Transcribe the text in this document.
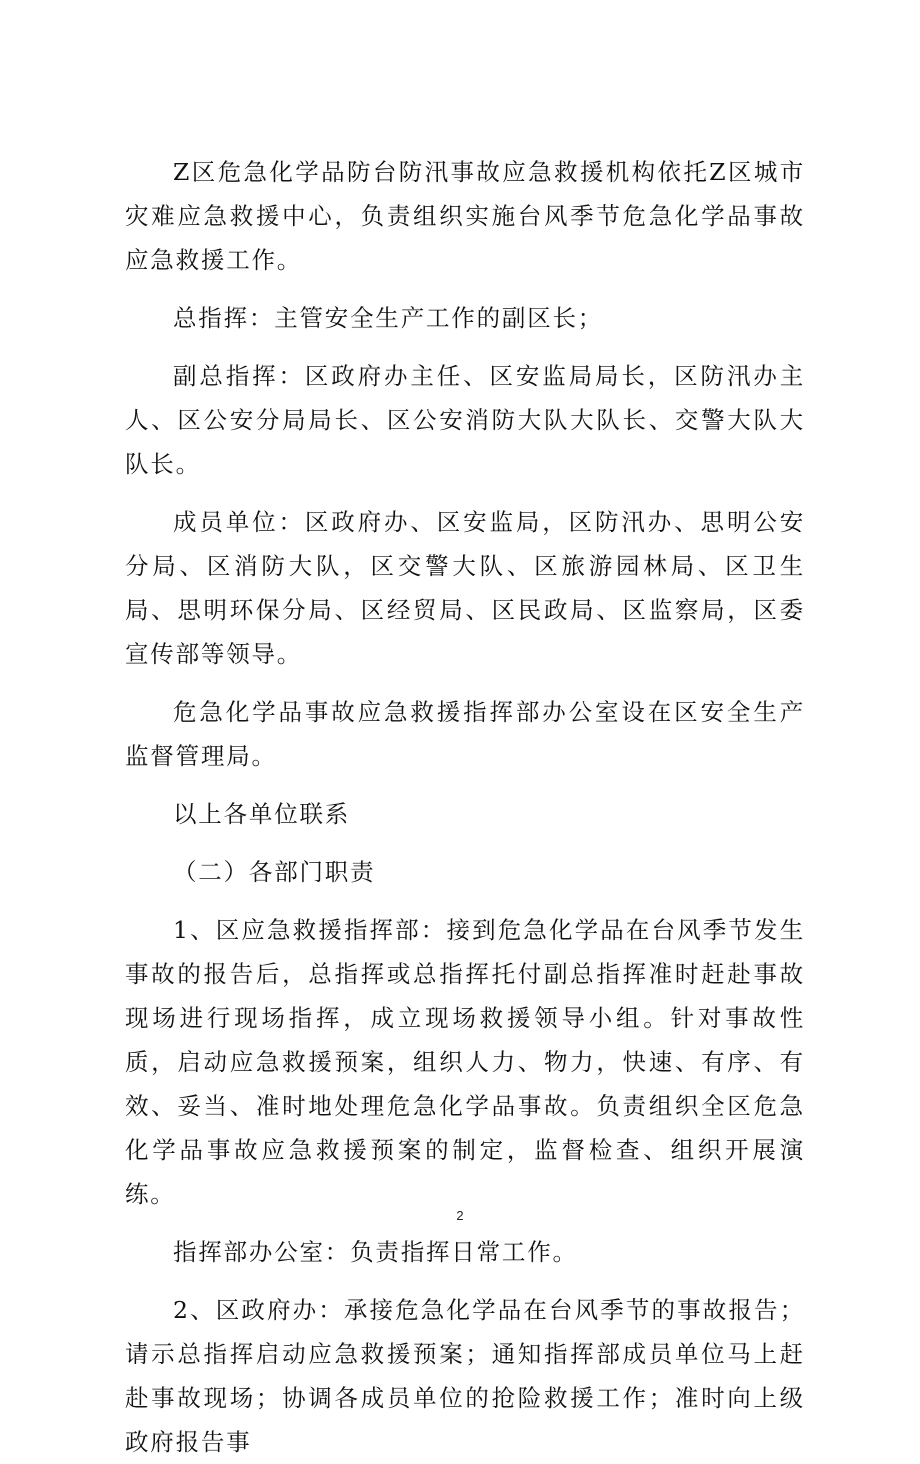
Z区危急化学品防台防汛事故应急救援机构依托Z区城市灾难应急救援中心，负责组织实施台风季节危急化学品事故应急救援工作。

总指挥：主管安全生产工作的副区长；

副总指挥：区政府办主任、区安监局局长，区防汛办主人、区公安分局局长、区公安消防大队大队长、交警大队大队长。

成员单位：区政府办、区安监局，区防汛办、思明公安分局、区消防大队，区交警大队、区旅游园林局、区卫生局、思明环保分局、区经贸局、区民政局、区监察局，区委宣传部等领导。

危急化学品事故应急救援指挥部办公室设在区安全生产监督管理局。

以上各单位联系

（二）各部门职责

1、区应急救援指挥部：接到危急化学品在台风季节发生事故的报告后，总指挥或总指挥托付副总指挥准时赶赴事故现场进行现场指挥，成立现场救援领导小组。针对事故性质，启动应急救援预案，组织人力、物力，快速、有序、有效、妥当、准时地处理危急化学品事故。负责组织全区危急化学品事故应急救援预案的制定，监督检查、组织开展演练。

指挥部办公室：负责指挥日常工作。

2、区政府办：承接危急化学品在台风季节的事故报告；请示总指挥启动应急救援预案；通知指挥部成员单位马上赶赴事故现场；协调各成员单位的抢险救援工作；准时向上级政府报告事

2
